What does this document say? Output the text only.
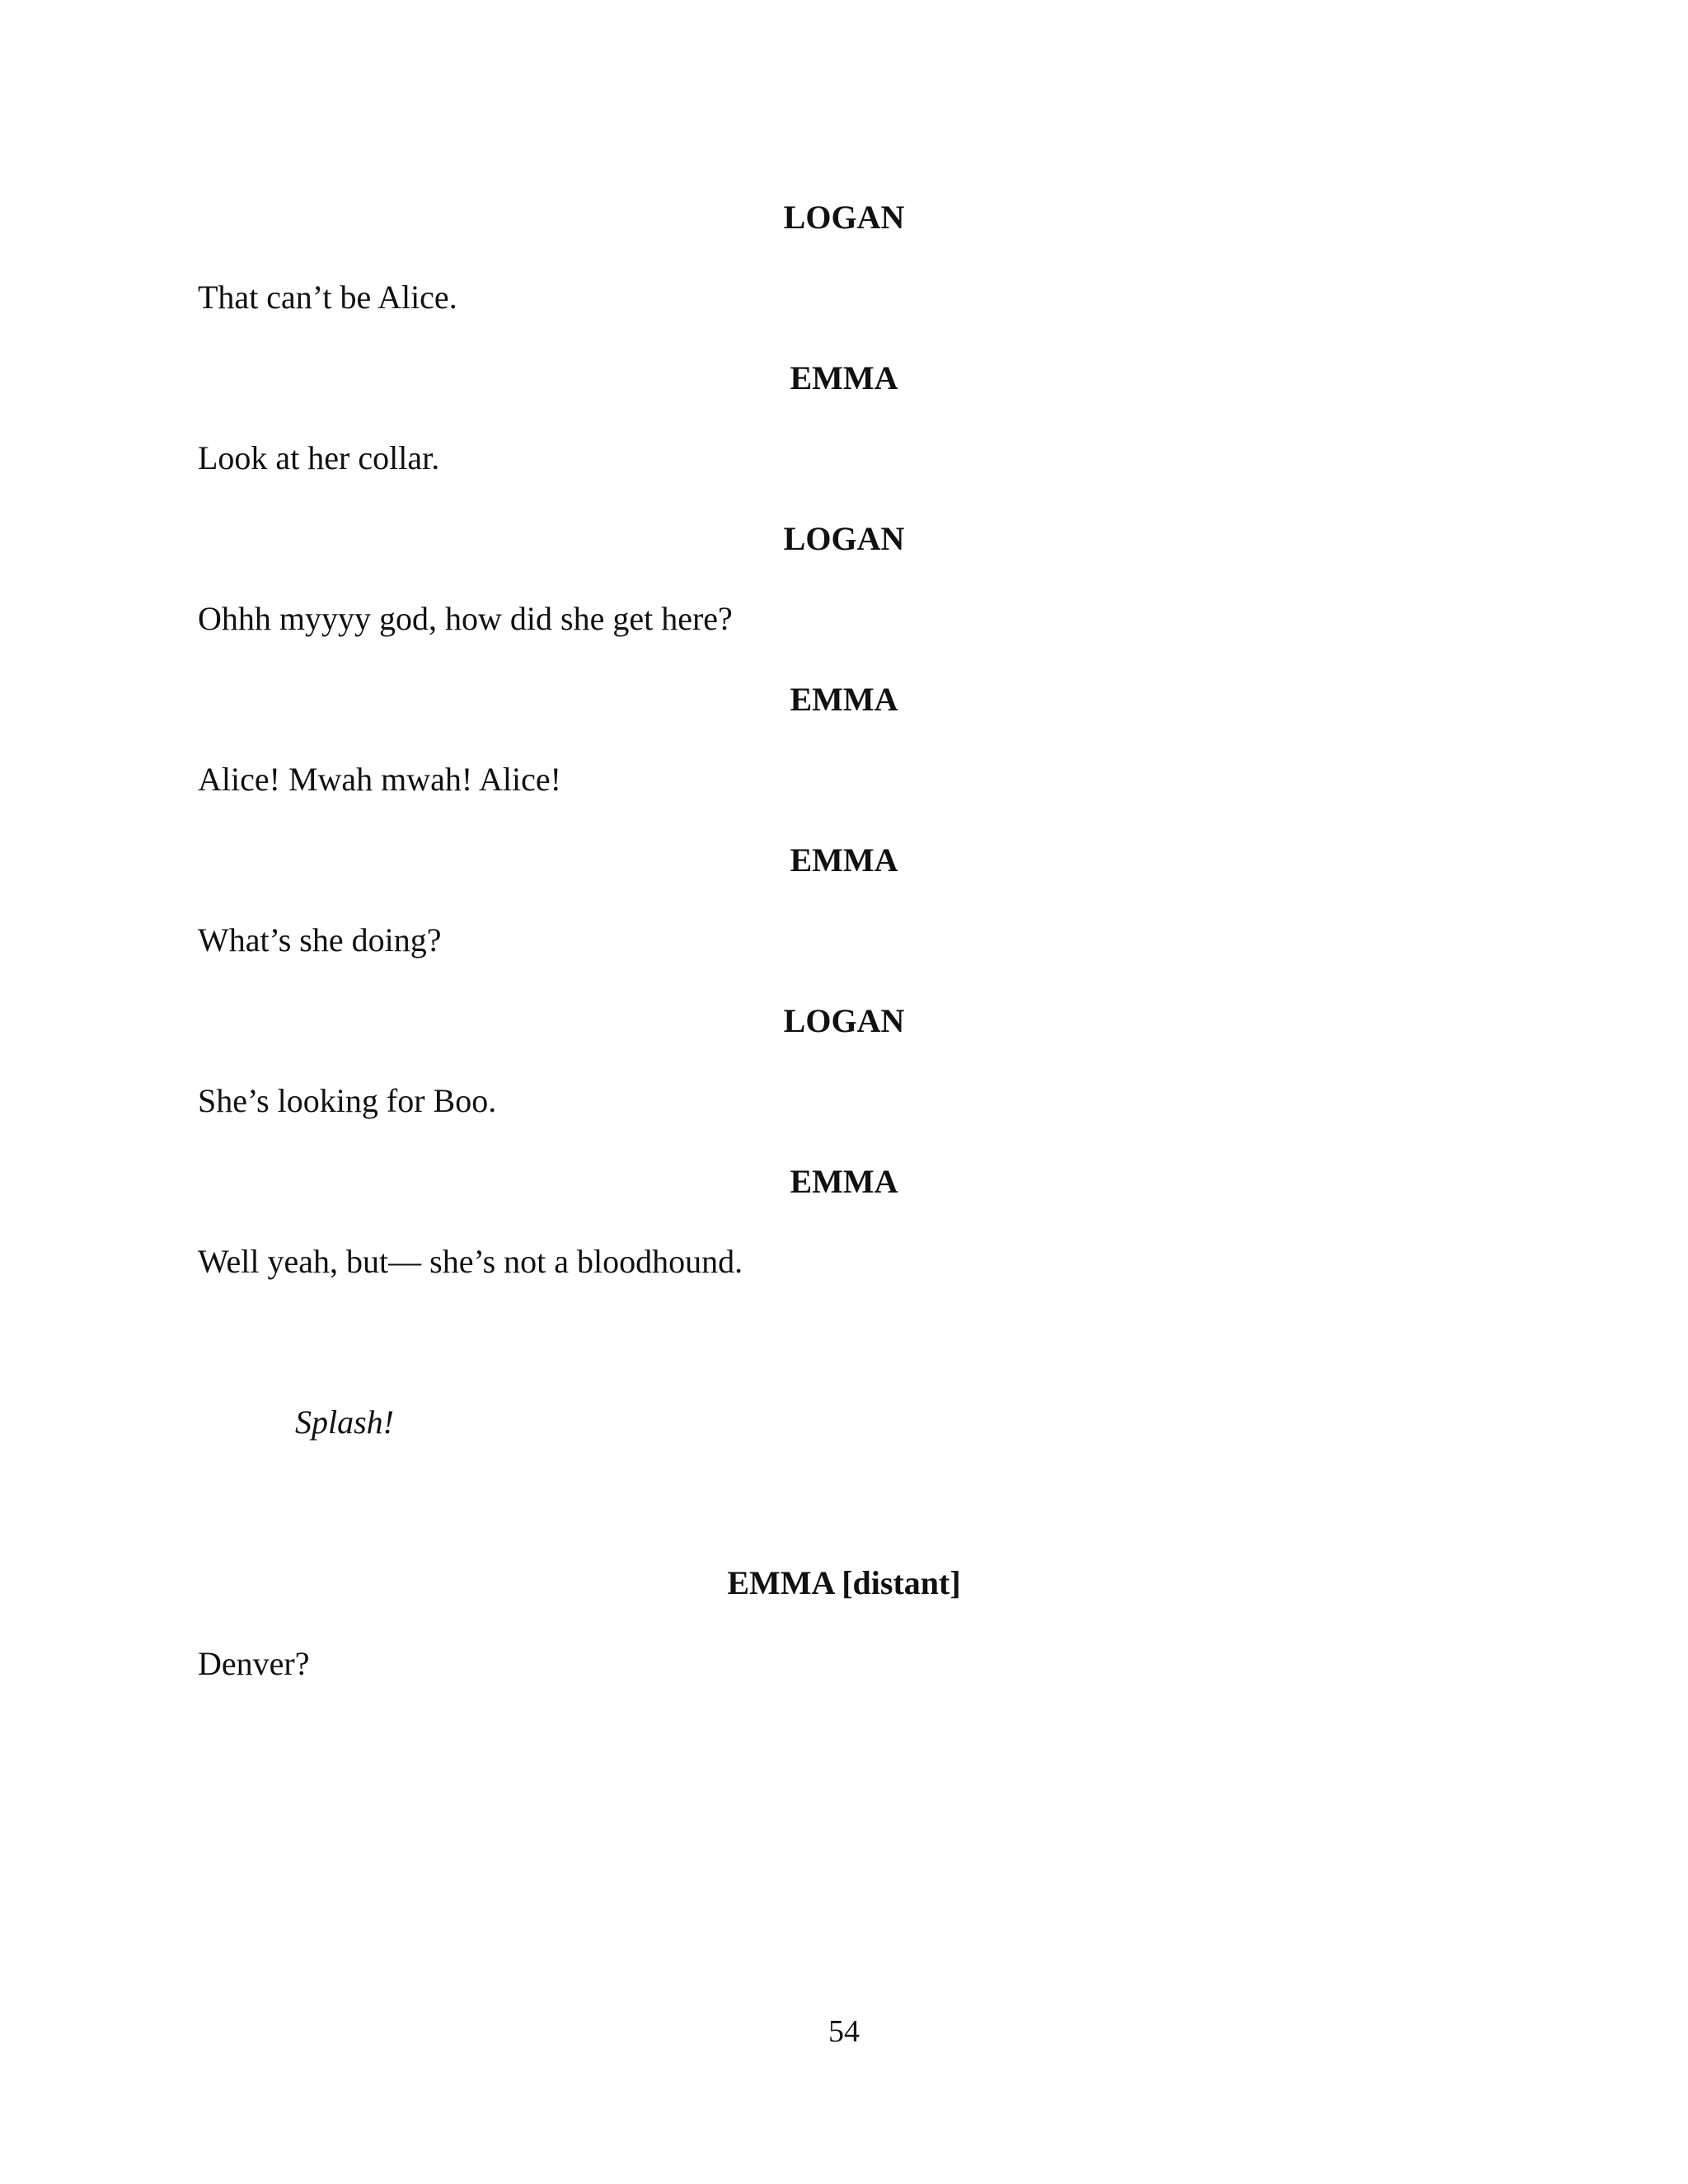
LOGAN

That can’t be Alice.

EMMA

Look at her collar.

LOGAN

Ohhh myyyy god, how did she get here?

EMMA

Alice! Mwah mwah! Alice!

EMMA

What’s she doing?

LOGAN

She’s looking for Boo.

EMMA

Well yeah, but— she’s not a bloodhound.

Splash!

EMMA [distant]

Denver?

54
